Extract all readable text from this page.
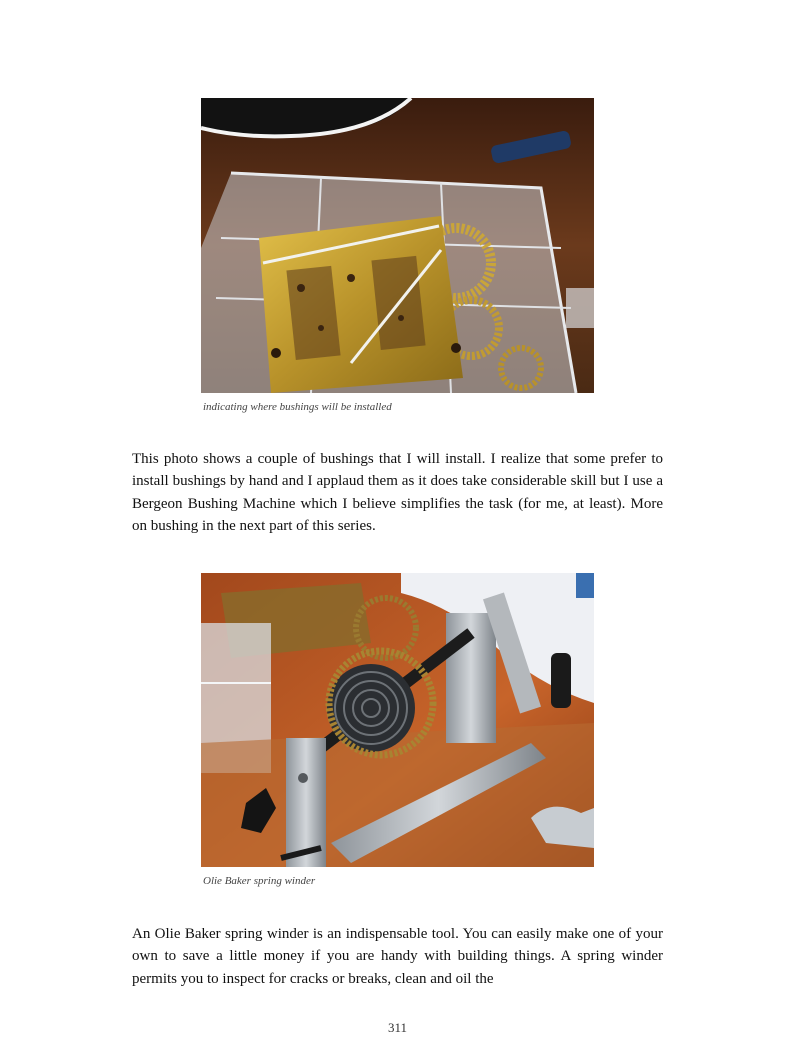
indicating where bushings will be installed

This photo shows a couple of bushings that I will install. I realize that some prefer to install bushings by hand and I applaud them as it does take considerable skill but I use a Bergeon Bushing Machine which I believe simplifies the task (for me, at least). More on bushing in the next part of this series.

Olie Baker spring winder

An Olie Baker spring winder is an indispensable tool. You can easily make one of your own to save a little money if you are handy with building things. A spring winder permits you to inspect for cracks or breaks, clean and oil the

311
